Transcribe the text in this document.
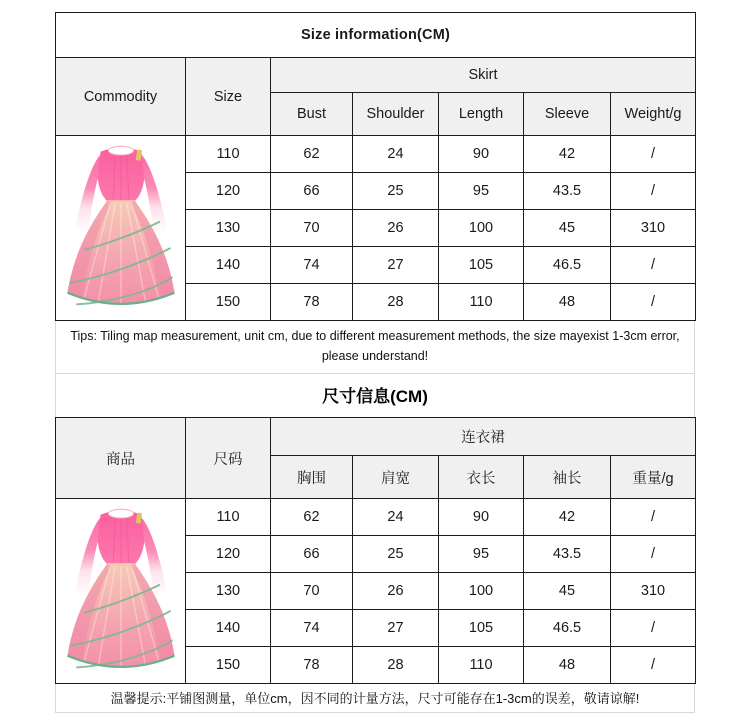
Size information(CM)						
Commodity	Size	Skirt				
		Bust	Shoulder	Length	Sleeve	Weight/g

	110	62	24	90	42	/
	120	66	25	95	43.5	/
	130	70	26	100	45	310
	140	74	27	105	46.5	/
	150	78	28	110	48	/
Tips: Tiling map measurement, unit cm, due to different measurement methods, the size mayexist 1-3cm error, please understand!
尺寸信息(CM)
商品	尺码	连衣裙				
		胸围	肩宽	衣长	袖长	重量/g

	110	62	24	90	42	/
	120	66	25	95	43.5	/
	130	70	26	100	45	310
	140	74	27	105	46.5	/
	150	78	28	110	48	/
温馨提示:平铺图测量，单位cm，因不同的计量方法，尺寸可能存在1-3cm的误差，敬请谅解!
